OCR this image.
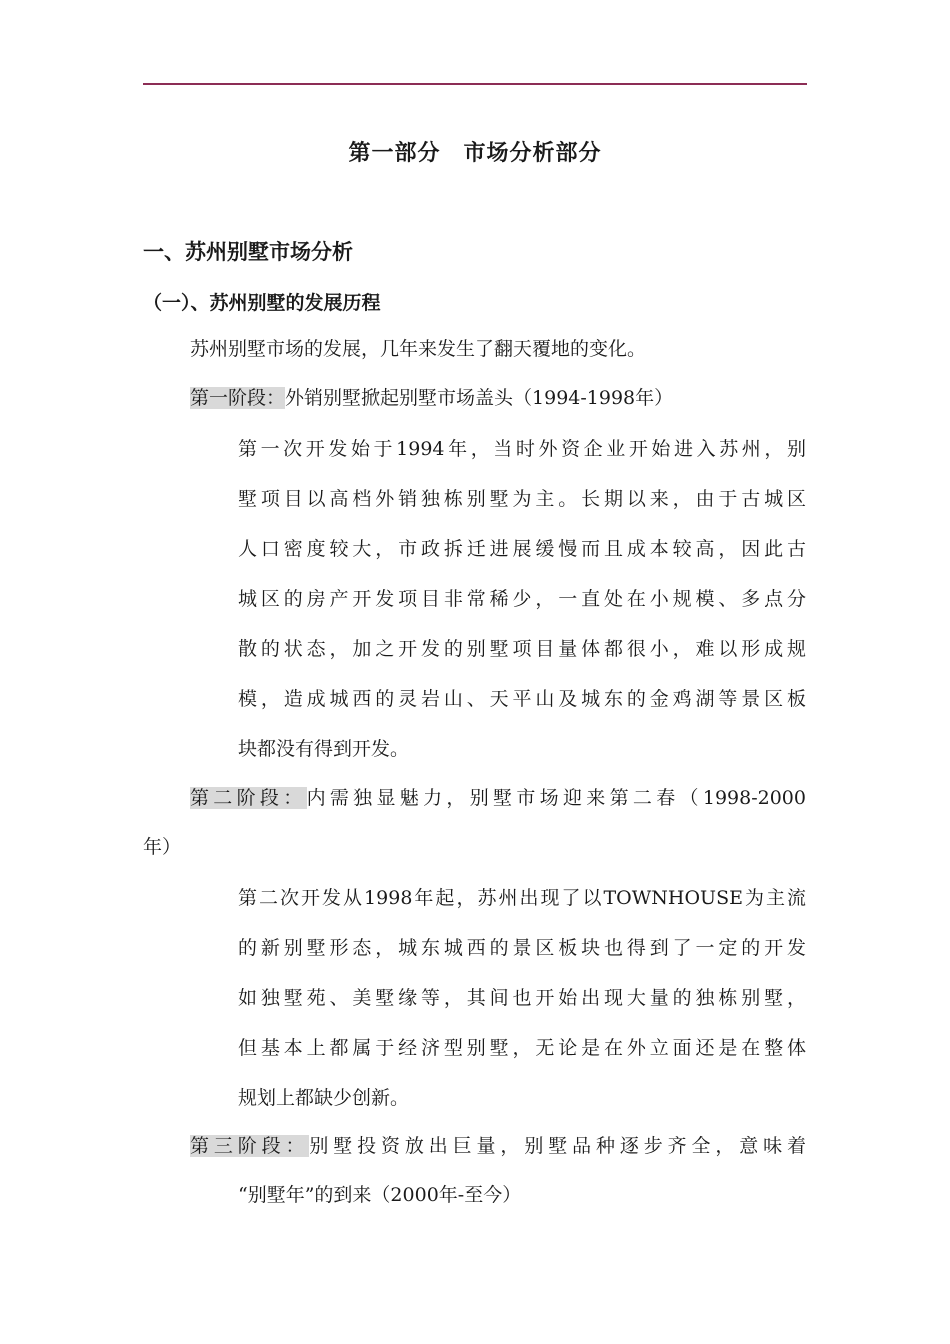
第一部分　市场分析部分
一、苏州别墅市场分析
（一）、苏州别墅的发展历程
苏州别墅市场的发展，几年来发生了翻天覆地的变化。
第一阶段：外销别墅掀起别墅市场盖头（1994-1998年）
第一次开发始于1994年，当时外资企业开始进入苏州，别
墅项目以高档外销独栋别墅为主。长期以来，由于古城区
人口密度较大，市政拆迁进展缓慢而且成本较高，因此古
城区的房产开发项目非常稀少，一直处在小规模、多点分
散的状态，加之开发的别墅项目量体都很小，难以形成规
模，造成城西的灵岩山、天平山及城东的金鸡湖等景区板
块都没有得到开发。
第二阶段：内需独显魅力，别墅市场迎来第二春（1998-2000
年）
第二次开发从1998年起，苏州出现了以TOWNHOUSE为主流
的新别墅形态，城东城西的景区板块也得到了一定的开发
如独墅苑、美墅缘等，其间也开始出现大量的独栋别墅，
但基本上都属于经济型别墅，无论是在外立面还是在整体
规划上都缺少创新。
第三阶段：别墅投资放出巨量，别墅品种逐步齐全，意味着
“别墅年”的到来（2000年-至今）
